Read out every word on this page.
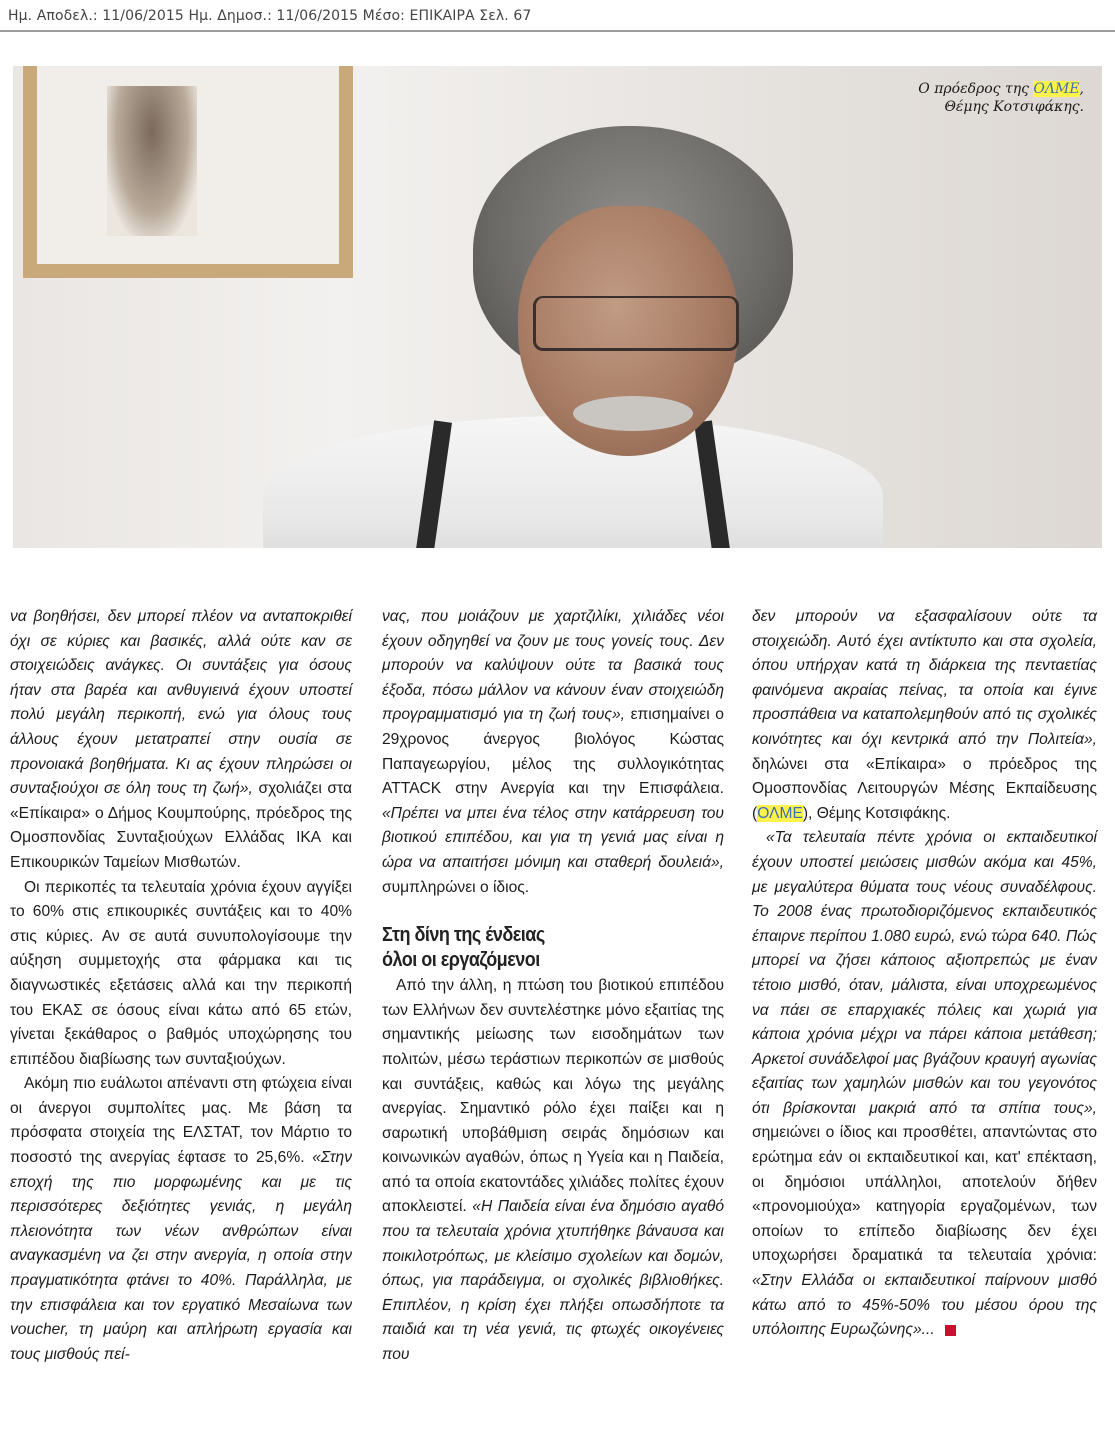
Ημ. Αποδελ.: 11/06/2015 Ημ. Δημοσ.: 11/06/2015 Μέσο: ΕΠΙΚΑΙΡΑ Σελ. 67
Ο πρόεδρος της ΟΛΜΕ,
Θέμης Κοτσιφάκης.

να βοηθήσει, δεν μπορεί πλέον να ανταποκριθεί όχι σε κύριες και βασικές, αλλά ούτε καν σε στοιχειώδεις ανάγκες. Οι συντάξεις για όσους ήταν στα βαρέα και ανθυγιεινά έχουν υποστεί πολύ μεγάλη περικοπή, ενώ για όλους τους άλλους έχουν μετατραπεί στην ουσία σε προνοιακά βοηθήματα. Κι ας έχουν πληρώσει οι συνταξιούχοι σε όλη τους τη ζωή», σχολιάζει στα «Επίκαιρα» ο Δήμος Κουμπούρης, πρόεδρος της Ομοσπονδίας Συνταξιούχων Ελλάδας ΙΚΑ και Επικουρικών Ταμείων Μισθωτών.

Οι περικοπές τα τελευταία χρόνια έχουν αγγίξει το 60% στις επικουρικές συντάξεις και το 40% στις κύριες. Αν σε αυτά συνυπολογίσουμε την αύξηση συμμετοχής στα φάρμακα και τις διαγνωστικές εξετάσεις αλλά και την περικοπή του ΕΚΑΣ σε όσους είναι κάτω από 65 ετών, γίνεται ξεκάθαρος ο βαθμός υποχώρησης του επιπέδου διαβίωσης των συνταξιούχων.

Ακόμη πιο ευάλωτοι απέναντι στη φτώχεια είναι οι άνεργοι συμπολίτες μας. Με βάση τα πρόσφατα στοιχεία της ΕΛΣΤΑΤ, τον Μάρτιο το ποσοστό της ανεργίας έφτασε το 25,6%. «Στην εποχή της πιο μορφωμένης και με τις περισσότερες δεξιότητες γενιάς, η μεγάλη πλειονότητα των νέων ανθρώπων είναι αναγκασμένη να ζει στην ανεργία, η οποία στην πραγματικότητα φτάνει το 40%. Παράλληλα, με την επισφάλεια και τον εργατικό Μεσαίωνα των voucher, τη μαύρη και απλήρωτη εργασία και τους μισθούς πεί-

νας, που μοιάζουν με χαρτζιλίκι, χιλιάδες νέοι έχουν οδηγηθεί να ζουν με τους γονείς τους. Δεν μπορούν να καλύψουν ούτε τα βασικά τους έξοδα, πόσω μάλλον να κάνουν έναν στοιχειώδη προγραμματισμό για τη ζωή τους», επισημαίνει ο 29χρονος άνεργος βιολόγος Κώστας Παπαγεωργίου, μέλος της συλλογικότητας ATTACK στην Ανεργία και την Επισφάλεια. «Πρέπει να μπει ένα τέλος στην κατάρρευση του βιοτικού επιπέδου, και για τη γενιά μας είναι η ώρα να απαιτήσει μόνιμη και σταθερή δουλειά», συμπληρώνει ο ίδιος.

Στη δίνη της ένδειας
όλοι οι εργαζόμενοι

Από την άλλη, η πτώση του βιοτικού επιπέδου των Ελλήνων δεν συντελέστηκε μόνο εξαιτίας της σημαντικής μείωσης των εισοδημάτων των πολιτών, μέσω τεράστιων περικοπών σε μισθούς και συντάξεις, καθώς και λόγω της μεγάλης ανεργίας. Σημαντικό ρόλο έχει παίξει και η σαρωτική υποβάθμιση σειράς δημόσιων και κοινωνικών αγαθών, όπως η Υγεία και η Παιδεία, από τα οποία εκατοντάδες χιλιάδες πολίτες έχουν αποκλειστεί. «Η Παιδεία είναι ένα δημόσιο αγαθό που τα τελευταία χρόνια χτυπήθηκε βάναυσα και ποικιλοτρόπως, με κλείσιμο σχολείων και δομών, όπως, για παράδειγμα, οι σχολικές βιβλιοθήκες. Επιπλέον, η κρίση έχει πλήξει οπωσδήποτε τα παιδιά και τη νέα γενιά, τις φτωχές οικογένειες που

δεν μπορούν να εξασφαλίσουν ούτε τα στοιχειώδη. Αυτό έχει αντίκτυπο και στα σχολεία, όπου υπήρχαν κατά τη διάρκεια της πενταετίας φαινόμενα ακραίας πείνας, τα οποία και έγινε προσπάθεια να καταπολεμηθούν από τις σχολικές κοινότητες και όχι κεντρικά από την Πολιτεία», δηλώνει στα «Επίκαιρα» ο πρόεδρος της Ομοσπονδίας Λειτουργών Μέσης Εκπαίδευσης (ΟΛΜΕ), Θέμης Κοτσιφάκης.

«Τα τελευταία πέντε χρόνια οι εκπαιδευτικοί έχουν υποστεί μειώσεις μισθών ακόμα και 45%, με μεγαλύτερα θύματα τους νέους συναδέλφους. Το 2008 ένας πρωτοδιοριζόμενος εκπαιδευτικός έπαιρνε περίπου 1.080 ευρώ, ενώ τώρα 640. Πώς μπορεί να ζήσει κάποιος αξιοπρεπώς με έναν τέτοιο μισθό, όταν, μάλιστα, είναι υποχρεωμένος να πάει σε επαρχιακές πόλεις και χωριά για κάποια χρόνια μέχρι να πάρει κάποια μετάθεση; Αρκετοί συνάδελφοί μας βγάζουν κραυγή αγωνίας εξαιτίας των χαμηλών μισθών και του γεγονότος ότι βρίσκονται μακριά από τα σπίτια τους», σημειώνει ο ίδιος και προσθέτει, απαντώντας στο ερώτημα εάν οι εκπαιδευτικοί και, κατ' επέκταση, οι δημόσιοι υπάλληλοι, αποτελούν δήθεν «προνομιούχα» κατηγορία εργαζομένων, των οποίων το επίπεδο διαβίωσης δεν έχει υποχωρήσει δραματικά τα τελευταία χρόνια: «Στην Ελλάδα οι εκπαιδευτικοί παίρνουν μισθό κάτω από το 45%-50% του μέσου όρου της υπόλοιπης Ευρωζώνης»...
